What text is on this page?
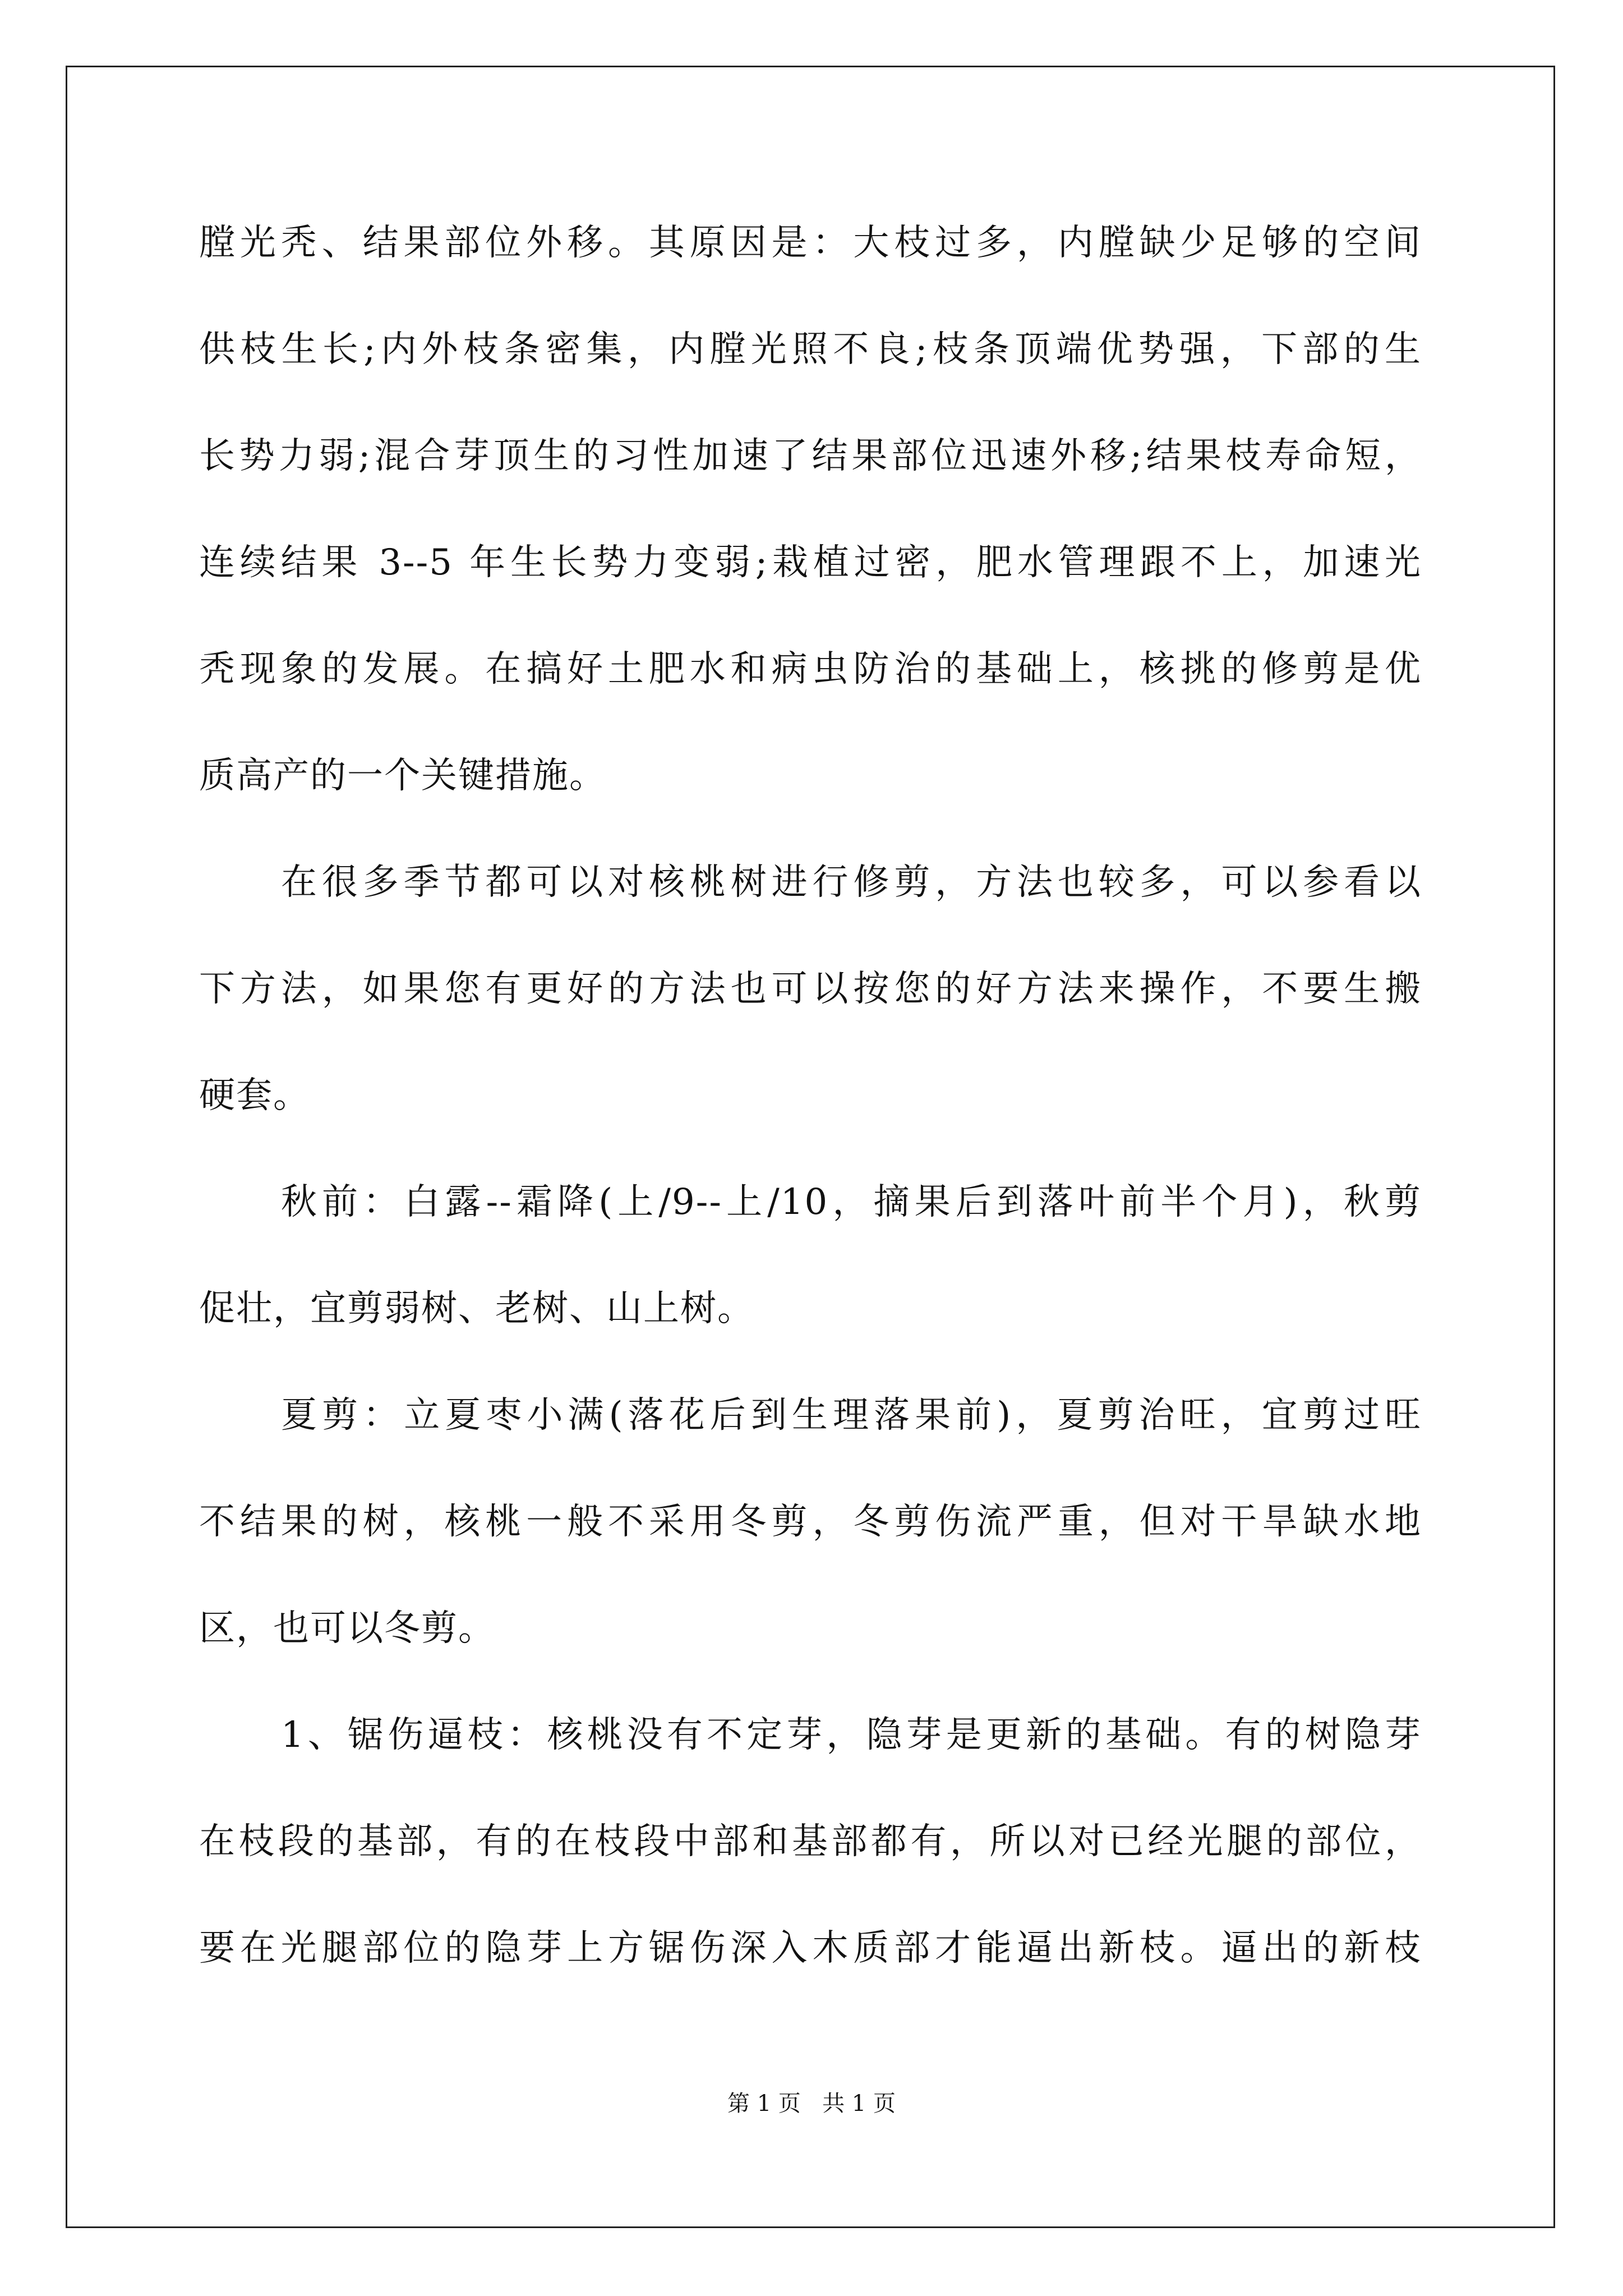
膛光秃、结果部位外移。其原因是：大枝过多，内膛缺少足够的空间
供枝生长;内外枝条密集，内膛光照不良;枝条顶端优势强，下部的生
长势力弱;混合芽顶生的习性加速了结果部位迅速外移;结果枝寿命短，
连续结果 3--5 年生长势力变弱;栽植过密，肥水管理跟不上，加速光
秃现象的发展。在搞好土肥水和病虫防治的基础上，核挑的修剪是优
质高产的一个关键措施。
在很多季节都可以对核桃树进行修剪，方法也较多，可以参看以
下方法，如果您有更好的方法也可以按您的好方法来操作，不要生搬
硬套。
秋前：白露--霜降(上/9--上/10，摘果后到落叶前半个月)，秋剪
促壮，宜剪弱树、老树、山上树。
夏剪：立夏枣小满(落花后到生理落果前)，夏剪治旺，宜剪过旺
不结果的树，核桃一般不采用冬剪，冬剪伤流严重，但对干旱缺水地
区，也可以冬剪。
1、锯伤逼枝：核桃没有不定芽，隐芽是更新的基础。有的树隐芽
在枝段的基部，有的在枝段中部和基部都有，所以对已经光腿的部位，
要在光腿部位的隐芽上方锯伤深入木质部才能逼出新枝。逼出的新枝
第 1 页 共 1 页
